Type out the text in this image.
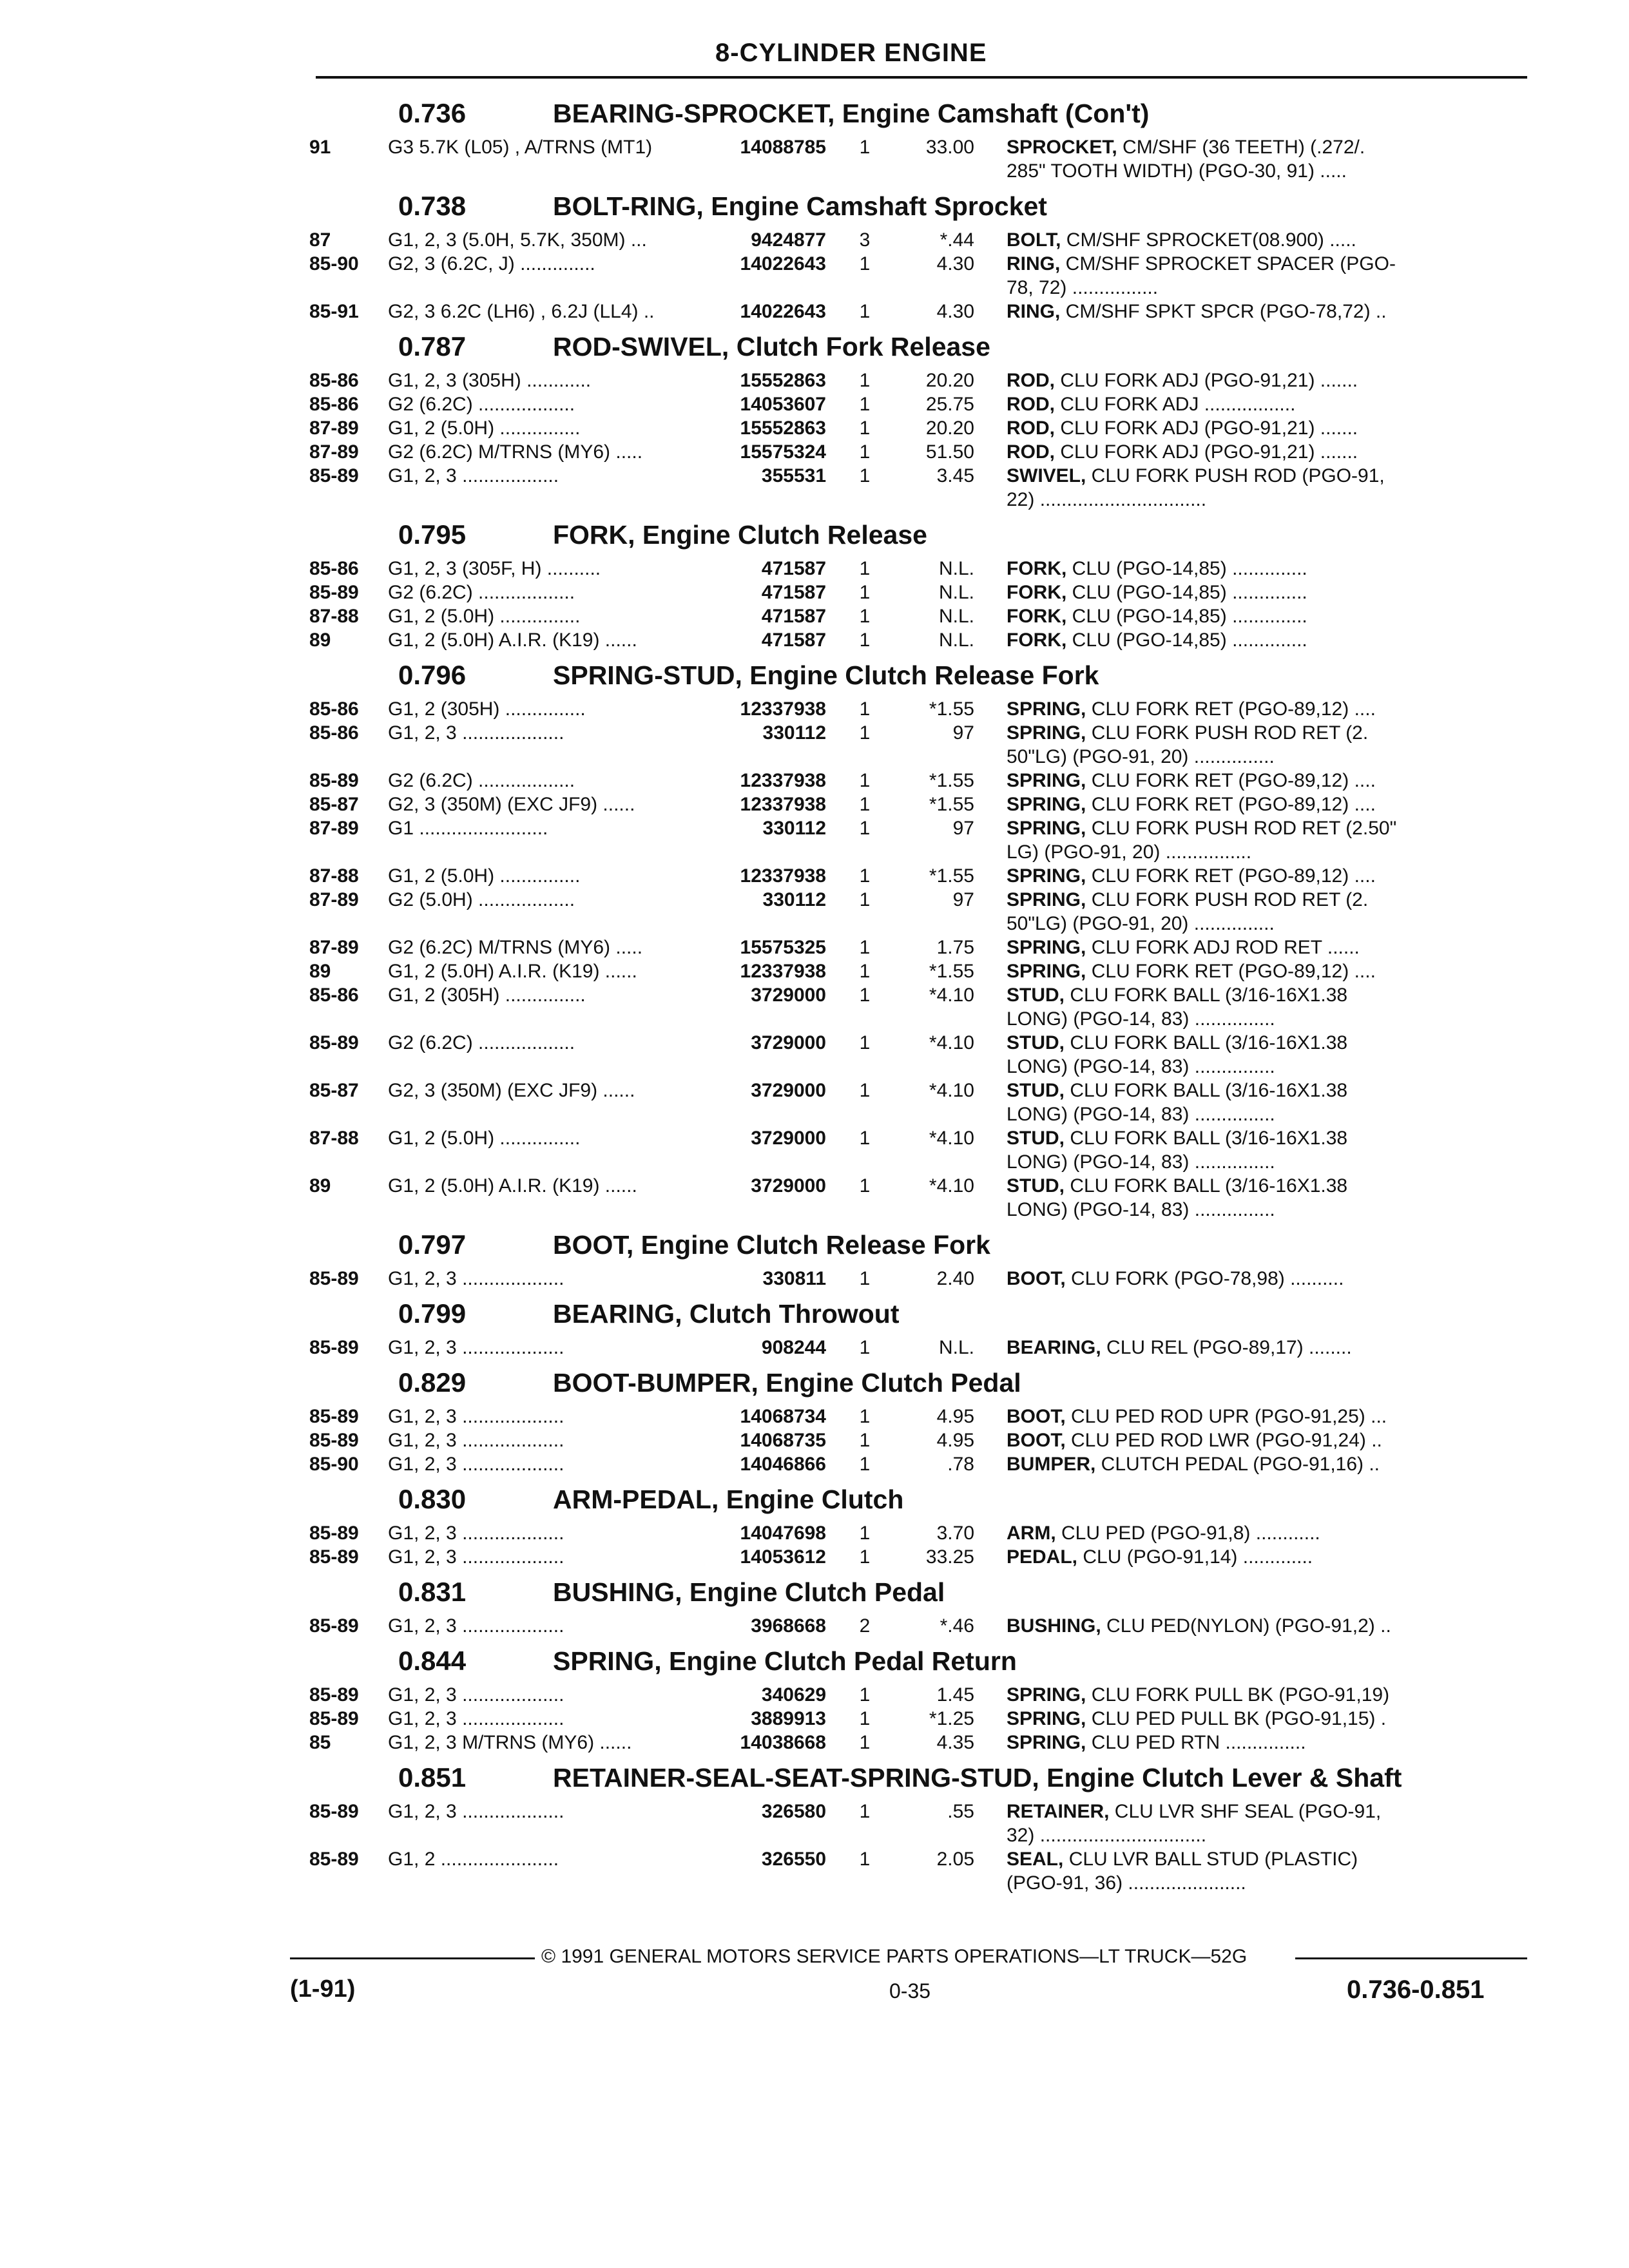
8-CYLINDER ENGINE
0.736	BEARING-SPROCKET, Engine Camshaft (Con't)
91	G3 5.7K (L05) , A/TRNS (MT1)	14088785	1	33.00	SPROCKET, CM/SHF (36 TEETH) (.272/.
285" TOOTH WIDTH) (PGO-30, 91) .....
0.738	BOLT-RING, Engine Camshaft Sprocket
87	G1, 2, 3 (5.0H, 5.7K, 350M) ...	9424877	3	*.44	BOLT, CM/SHF SPROCKET(08.900) .....
85-90	G2, 3 (6.2C, J) ..............	14022643	1	4.30	RING, CM/SHF SPROCKET SPACER (PGO-
78, 72) ................
85-91	G2, 3 6.2C (LH6) , 6.2J (LL4) ..	14022643	1	4.30	RING, CM/SHF SPKT SPCR (PGO-78,72) ..
0.787	ROD-SWIVEL, Clutch Fork Release
85-86	G1, 2, 3 (305H) ............	15552863	1	20.20	ROD, CLU FORK ADJ (PGO-91,21) .......
85-86	G2 (6.2C) ..................	14053607	1	25.75	ROD, CLU FORK ADJ .................
87-89	G1, 2 (5.0H) ...............	15552863	1	20.20	ROD, CLU FORK ADJ (PGO-91,21) .......
87-89	G2 (6.2C) M/TRNS (MY6) .....	15575324	1	51.50	ROD, CLU FORK ADJ (PGO-91,21) .......
85-89	G1, 2, 3 ..................	355531	1	3.45	SWIVEL, CLU FORK PUSH ROD (PGO-91,
22) ...............................
0.795	FORK, Engine Clutch Release
85-86	G1, 2, 3 (305F, H) ..........	471587	1	N.L.	FORK, CLU (PGO-14,85) ..............
85-89	G2 (6.2C) ..................	471587	1	N.L.	FORK, CLU (PGO-14,85) ..............
87-88	G1, 2 (5.0H) ...............	471587	1	N.L.	FORK, CLU (PGO-14,85) ..............
89	G1, 2 (5.0H) A.I.R. (K19) ......	471587	1	N.L.	FORK, CLU (PGO-14,85) ..............
0.796	SPRING-STUD, Engine Clutch Release Fork
85-86	G1, 2 (305H) ...............	12337938	1	*1.55	SPRING, CLU FORK RET (PGO-89,12) ....
85-86	G1, 2, 3 ...................	330112	1	97	SPRING, CLU FORK PUSH ROD RET (2.
50"LG) (PGO-91, 20) ...............
85-89	G2 (6.2C) ..................	12337938	1	*1.55	SPRING, CLU FORK RET (PGO-89,12) ....
85-87	G2, 3 (350M) (EXC JF9) ......	12337938	1	*1.55	SPRING, CLU FORK RET (PGO-89,12) ....
87-89	G1 ........................	330112	1	97	SPRING, CLU FORK PUSH ROD RET (2.50"
LG) (PGO-91, 20) ................
87-88	G1, 2 (5.0H) ...............	12337938	1	*1.55	SPRING, CLU FORK RET (PGO-89,12) ....
87-89	G2 (5.0H) ..................	330112	1	97	SPRING, CLU FORK PUSH ROD RET (2.
50"LG) (PGO-91, 20) ...............
87-89	G2 (6.2C) M/TRNS (MY6) .....	15575325	1	1.75	SPRING, CLU FORK ADJ ROD RET ......
89	G1, 2 (5.0H) A.I.R. (K19) ......	12337938	1	*1.55	SPRING, CLU FORK RET (PGO-89,12) ....
85-86	G1, 2 (305H) ...............	3729000	1	*4.10	STUD, CLU FORK BALL (3/16-16X1.38
LONG) (PGO-14, 83) ...............
85-89	G2 (6.2C) ..................	3729000	1	*4.10	STUD, CLU FORK BALL (3/16-16X1.38
LONG) (PGO-14, 83) ...............
85-87	G2, 3 (350M) (EXC JF9) ......	3729000	1	*4.10	STUD, CLU FORK BALL (3/16-16X1.38
LONG) (PGO-14, 83) ...............
87-88	G1, 2 (5.0H) ...............	3729000	1	*4.10	STUD, CLU FORK BALL (3/16-16X1.38
LONG) (PGO-14, 83) ...............
89	G1, 2 (5.0H) A.I.R. (K19) ......	3729000	1	*4.10	STUD, CLU FORK BALL (3/16-16X1.38
LONG) (PGO-14, 83) ...............
0.797	BOOT, Engine Clutch Release Fork
85-89	G1, 2, 3 ...................	330811	1	2.40	BOOT, CLU FORK (PGO-78,98) ..........
0.799	BEARING, Clutch Throwout
85-89	G1, 2, 3 ...................	908244	1	N.L.	BEARING, CLU REL (PGO-89,17) ........
0.829	BOOT-BUMPER, Engine Clutch Pedal
85-89	G1, 2, 3 ...................	14068734	1	4.95	BOOT, CLU PED ROD UPR (PGO-91,25) ...
85-89	G1, 2, 3 ...................	14068735	1	4.95	BOOT, CLU PED ROD LWR (PGO-91,24) ..
85-90	G1, 2, 3 ...................	14046866	1	.78	BUMPER, CLUTCH PEDAL (PGO-91,16) ..
0.830	ARM-PEDAL, Engine Clutch
85-89	G1, 2, 3 ...................	14047698	1	3.70	ARM, CLU PED (PGO-91,8) ............
85-89	G1, 2, 3 ...................	14053612	1	33.25	PEDAL, CLU (PGO-91,14) .............
0.831	BUSHING, Engine Clutch Pedal
85-89	G1, 2, 3 ...................	3968668	2	*.46	BUSHING, CLU PED(NYLON) (PGO-91,2) ..
0.844	SPRING, Engine Clutch Pedal Return
85-89	G1, 2, 3 ...................	340629	1	1.45	SPRING, CLU FORK PULL BK (PGO-91,19)
85-89	G1, 2, 3 ...................	3889913	1	*1.25	SPRING, CLU PED PULL BK (PGO-91,15) .
85	G1, 2, 3 M/TRNS (MY6) ......	14038668	1	4.35	SPRING, CLU PED RTN ...............
0.851	RETAINER-SEAL-SEAT-SPRING-STUD, Engine Clutch Lever & Shaft
85-89	G1, 2, 3 ...................	326580	1	.55	RETAINER, CLU LVR SHF SEAL (PGO-91,
32) ...............................
85-89	G1, 2 ......................	326550	1	2.05	SEAL, CLU LVR BALL STUD (PLASTIC)
(PGO-91, 36) ......................
© 1991 GENERAL MOTORS SERVICE PARTS OPERATIONS—LT TRUCK—52G
(1-91)	0-35	0.736-0.851
